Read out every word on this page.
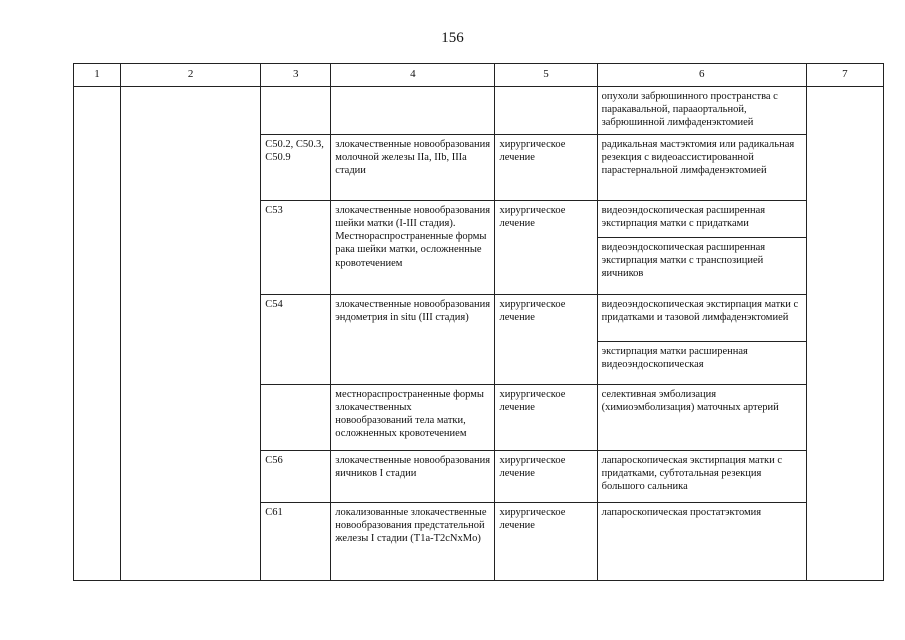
156
1	2	3	4	5	6	7
					опухоли забрюшинного пространства с паракавальной, парааортальной, забрюшинной лимфаденэктомией	
		C50.2, C50.3, C50.9	злокачественные новообразования молочной железы IIa, IIb, IIIa стадии	хирургическое лечение	радикальная мастэктомия или радикальная резекция с видеоассистированной парастернальной лимфаденэктомией	
		C53	злокачественные новообразования шейки матки (I-III стадия). Местнораспространенные формы рака шейки матки, осложненные кровотечением	хирургическое лечение	видеоэндоскопическая расширенная экстирпация матки с придатками
видеоэндоскопическая расширенная экстирпация матки с транспозицией яичников	

		C54	злокачественные новообразования эндометрия in situ (III стадия)	хирургическое лечение	видеоэндоскопическая экстирпация матки с придатками и тазовой лимфаденэктомией
экстирпация матки расширенная видеоэндоскопическая	

			местнораспространенные формы злокачественных новообразований тела матки, осложненных кровотечением	хирургическое лечение	селективная эмболизация (химиоэмболизация) маточных артерий	
		C56	злокачественные новообразования яичников I стадии	хирургическое лечение	лапароскопическая экстирпация матки с придатками, субтотальная резекция большого сальника	
		C61	локализованные злокачественные новообразования предстательной железы I стадии (T1a-T2cNxMo)	хирургическое лечение	лапароскопическая простатэктомия	
